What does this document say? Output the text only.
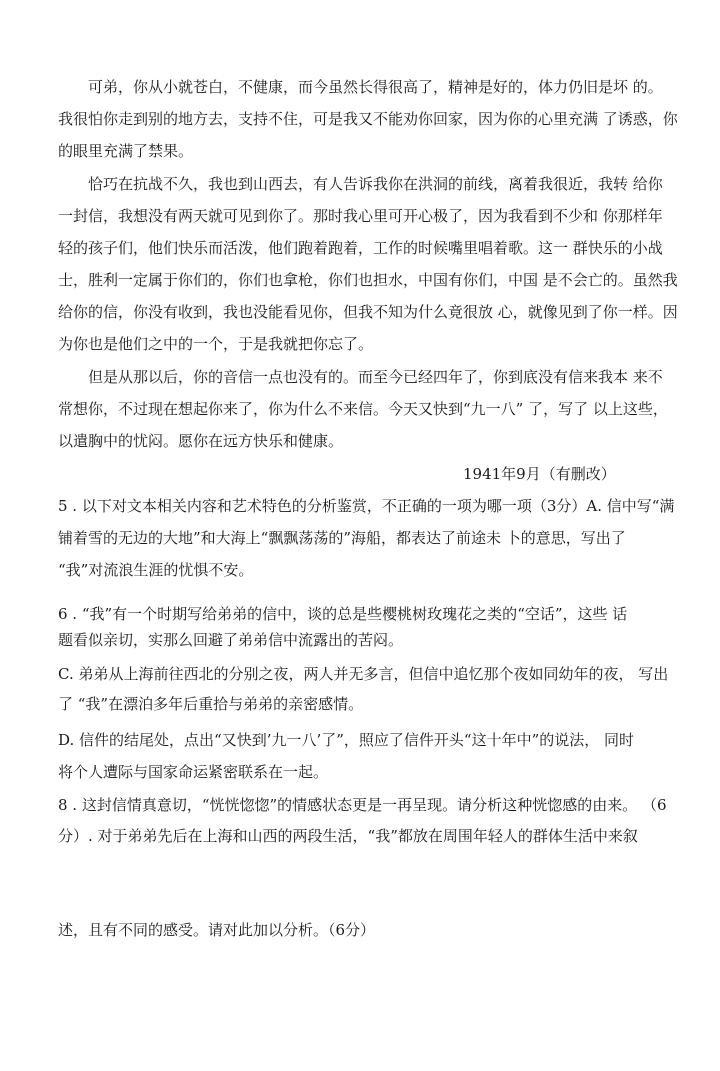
可弟，你从小就苍白，不健康，而今虽然长得很高了，精神是好的，体力仍旧是坏 的。
我很怕你走到别的地方去，支持不住，可是我又不能劝你回家，因为你的心里充满 了诱惑，你
的眼里充满了禁果。
恰巧在抗战不久，我也到山西去，有人告诉我你在洪洞的前线，离着我很近，我转 给你
一封信，我想没有两天就可见到你了。那时我心里可开心极了，因为我看到不少和 你那样年
轻的孩子们，他们快乐而活泼，他们跑着跑着，工作的时候嘴里唱着歌。这一 群快乐的小战
士，胜利一定属于你们的，你们也拿枪，你们也担水，中国有你们，中国 是不会亡的。虽然我
给你的信，你没有收到，我也没能看见你，但我不知为什么竟很放 心，就像见到了你一样。因
为你也是他们之中的一个，于是我就把你忘了。
但是从那以后，你的音信一点也没有的。而至今已经四年了，你到底没有信来我本 来不
常想你，不过现在想起你来了，你为什么不来信。今天又快到“九一八” 了，写了 以上这些，
以遣胸中的忧闷。愿你在远方快乐和健康。
1941年9月（有删改）
5 . 以下对文本相关内容和艺术特色的分析鉴赏，不正确的一项为哪一项（3分）A. 信中写“满
铺着雪的无边的大地”和大海上“飘飘荡荡的”海船，都表达了前途未 卜的意思，写出了
“我”对流浪生涯的忧惧不安。
6 . “我”有一个时期写给弟弟的信中，谈的总是些樱桃树玫瑰花之类的“空话”，这些 话
题看似亲切，实那么回避了弟弟信中流露出的苦闷。
C. 弟弟从上海前往西北的分别之夜，两人并无多言，但信中追忆那个夜如同幼年的夜， 写出
了 “我”在漂泊多年后重拾与弟弟的亲密感情。
D. 信件的结尾处，点出“又快到’九一八’了”，照应了信件开头“这十年中”的说法， 同时
将个人遭际与国家命运紧密联系在一起。
8 . 这封信情真意切，“恍恍惚惚”的情感状态更是一再呈现。请分析这种恍惚感的由来。 （6
分）. 对于弟弟先后在上海和山西的两段生活，“我”都放在周围年轻人的群体生活中来叙
述，且有不同的感受。请对此加以分析。（6分）
